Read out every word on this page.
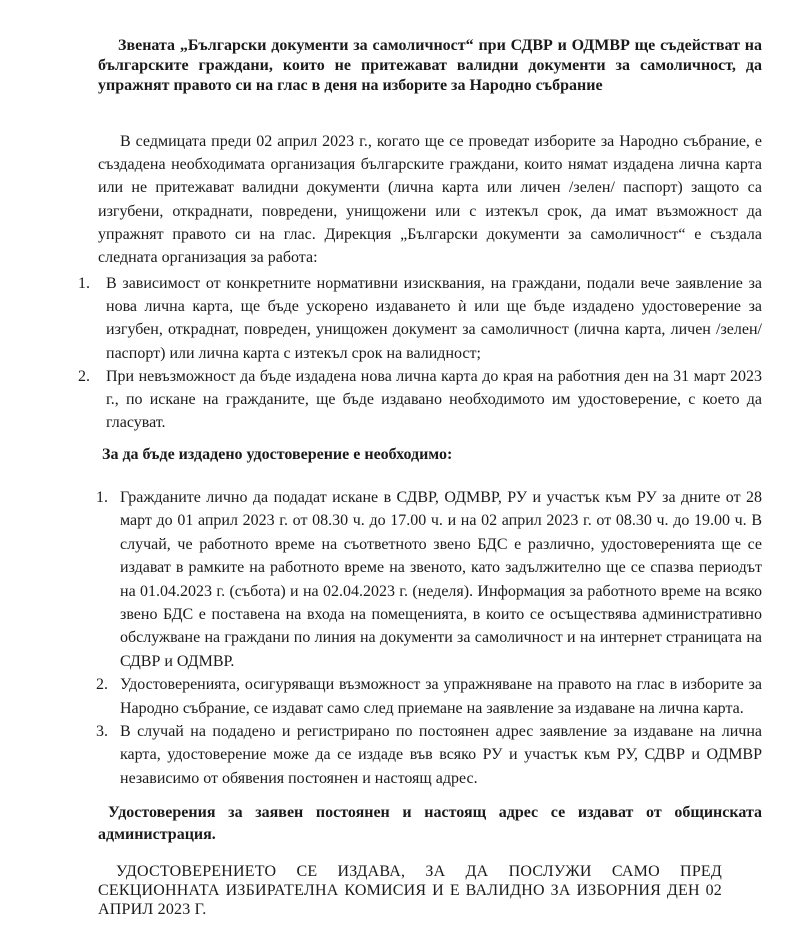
Звената „Български документи за самоличност“ при СДВР и ОДМВР ще съдействат на българските граждани, които не притежават валидни документи за самоличност, да упражнят правото си на глас в деня на изборите за Народно събрание
В седмицата преди 02 април 2023 г., когато ще се проведат изборите за Народно събрание, е създадена необходимата организация българските граждани, които нямат издадена лична карта или не притежават валидни документи (лична карта или личен /зелен/ паспорт) защото са изгубени, откраднати, повредени, унищожени или с изтекъл срок, да имат възможност да упражнят правото си на глас. Дирекция „Български документи за самоличност“ е създала следната организация за работа:
1. В зависимост от конкретните нормативни изисквания, на граждани, подали вече заявление за нова лична карта, ще бъде ускорено издаването ѝ или ще бъде издадено удостоверение за изгубен, откраднат, повреден, унищожен документ за самоличност (лична карта, личен /зелен/ паспорт) или лична карта с изтекъл срок на валидност;
2. При невъзможност да бъде издадена нова лична карта до края на работния ден на 31 март 2023 г., по искане на гражданите, ще бъде издавано необходимото им удостоверение, с което да гласуват.
За да бъде издадено удостоверение е необходимо:
1. Гражданите лично да подадат искане в СДВР, ОДМВР, РУ и участък към РУ за дните от 28 март до 01 април 2023 г. от 08.30 ч. до 17.00 ч. и на 02 април 2023 г. от 08.30 ч. до 19.00 ч. В случай, че работното време на съответното звено БДС е различно, удостоверенията ще се издават в рамките на работното време на звеното, като задължително ще се спазва периодът на 01.04.2023 г. (събота) и на 02.04.2023 г. (неделя). Информация за работното време на всяко звено БДС е поставена на входа на помещенията, в които се осъществява административно обслужване на граждани по линия на документи за самоличност и на интернет страницата на СДВР и ОДМВР.
2. Удостоверенията, осигуряващи възможност за упражняване на правото на глас в изборите за Народно събрание, се издават само след приемане на заявление за издаване на лична карта.
3. В случай на подадено и регистрирано по постоянен адрес заявление за издаване на лична карта, удостоверение може да се издаде във всяко РУ и участък към РУ, СДВР и ОДМВР независимо от обявения постоянен и настоящ адрес.
Удостоверения за заявен постоянен и настоящ адрес се издават от общинската администрация.
УДОСТОВЕРЕНИЕТО СЕ ИЗДАВА, ЗА ДА ПОСЛУЖИ САМО ПРЕД СЕКЦИОННАТА ИЗБИРАТЕЛНА КОМИСИЯ И Е ВАЛИДНО ЗА ИЗБОРНИЯ ДЕН 02 АПРИЛ 2023 Г.
